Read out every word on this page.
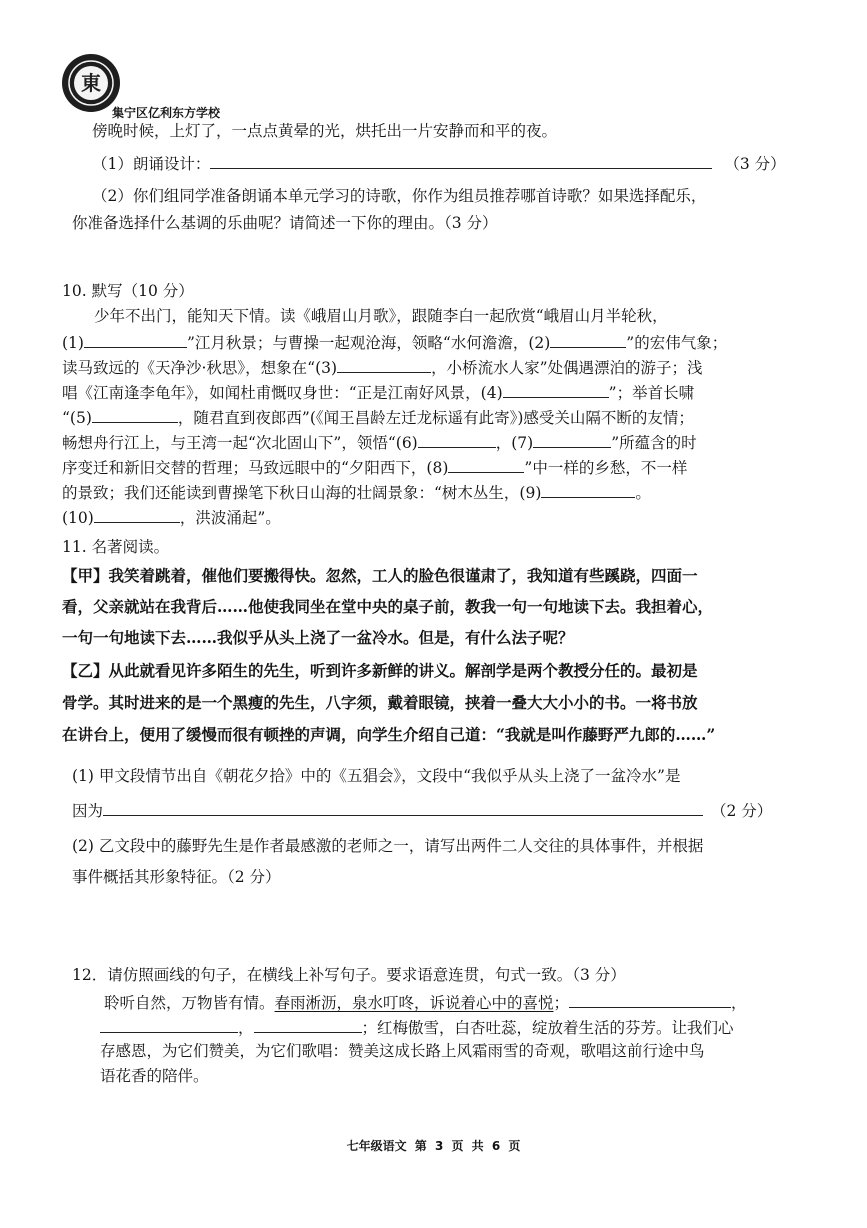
東
集宁区亿利东方学校
傍晚时候，上灯了，一点点黄晕的光，烘托出一片安静而和平的夜。
（1）朗诵设计：	（3 分）
（2）你们组同学准备朗诵本单元学习的诗歌，你作为组员推荐哪首诗歌？如果选择配乐，
你准备选择什么基调的乐曲呢？请简述一下你的理由。（3 分）
10. 默写（10 分）
少年不出门，能知天下情。读《峨眉山月歌》，跟随李白一起欣赏“峨眉山月半轮秋，
(1)	”江月秋景；与曹操一起观沧海，领略“水何澹澹，(2)	”的宏伟气象；
读马致远的《天净沙·秋思》，想象在“(3)	，小桥流水人家”处偶遇漂泊的游子；浅
唱《江南逢李龟年》，如闻杜甫慨叹身世：“正是江南好风景，(4)	”；举首长啸
“(5)	，随君直到夜郎西”(《闻王昌龄左迁龙标遥有此寄》)感受关山隔不断的友情；
畅想舟行江上，与王湾一起“次北固山下”，领悟“(6)	，(7)	”所蕴含的时
序变迁和新旧交替的哲理；马致远眼中的“夕阳西下，(8)	”中一样的乡愁，不一样
的景致；我们还能读到曹操笔下秋日山海的壮阔景象：“树木丛生，(9)	。
(10)	，洪波涌起”。
11. 名著阅读。
【甲】我笑着跳着，催他们要搬得快。忽然，工人的脸色很谨肃了，我知道有些蹊跷，四面一
看，父亲就站在我背后……他使我同坐在堂中央的桌子前，教我一句一句地读下去。我担着心，
一句一句地读下去……我似乎从头上浇了一盆冷水。但是，有什么法子呢？
【乙】从此就看见许多陌生的先生，听到许多新鲜的讲义。解剖学是两个教授分任的。最初是
骨学。其时进来的是一个黑瘦的先生，八字须，戴着眼镜，挟着一叠大大小小的书。一将书放
在讲台上，便用了缓慢而很有顿挫的声调，向学生介绍自己道：“我就是叫作藤野严九郎的……”
(1) 甲文段情节出自《朝花夕拾》中的《五猖会》，文段中“我似乎从头上浇了一盆冷水”是
因为	（2 分）
(2) 乙文段中的藤野先生是作者最感激的老师之一，请写出两件二人交往的具体事件，并根据
事件概括其形象特征。（2 分）
12．请仿照画线的句子，在横线上补写句子。要求语意连贯，句式一致。（3 分）
聆听自然，万物皆有情。春雨淅沥，泉水叮咚，诉说着心中的喜悦；	，
，	；红梅傲雪，白杏吐蕊，绽放着生活的芬芳。让我们心
存感恩，为它们赞美，为它们歌唱：赞美这成长路上风霜雨雪的奇观，歌唱这前行途中鸟
语花香的陪伴。
七年级语文 第 3 页 共 6 页
